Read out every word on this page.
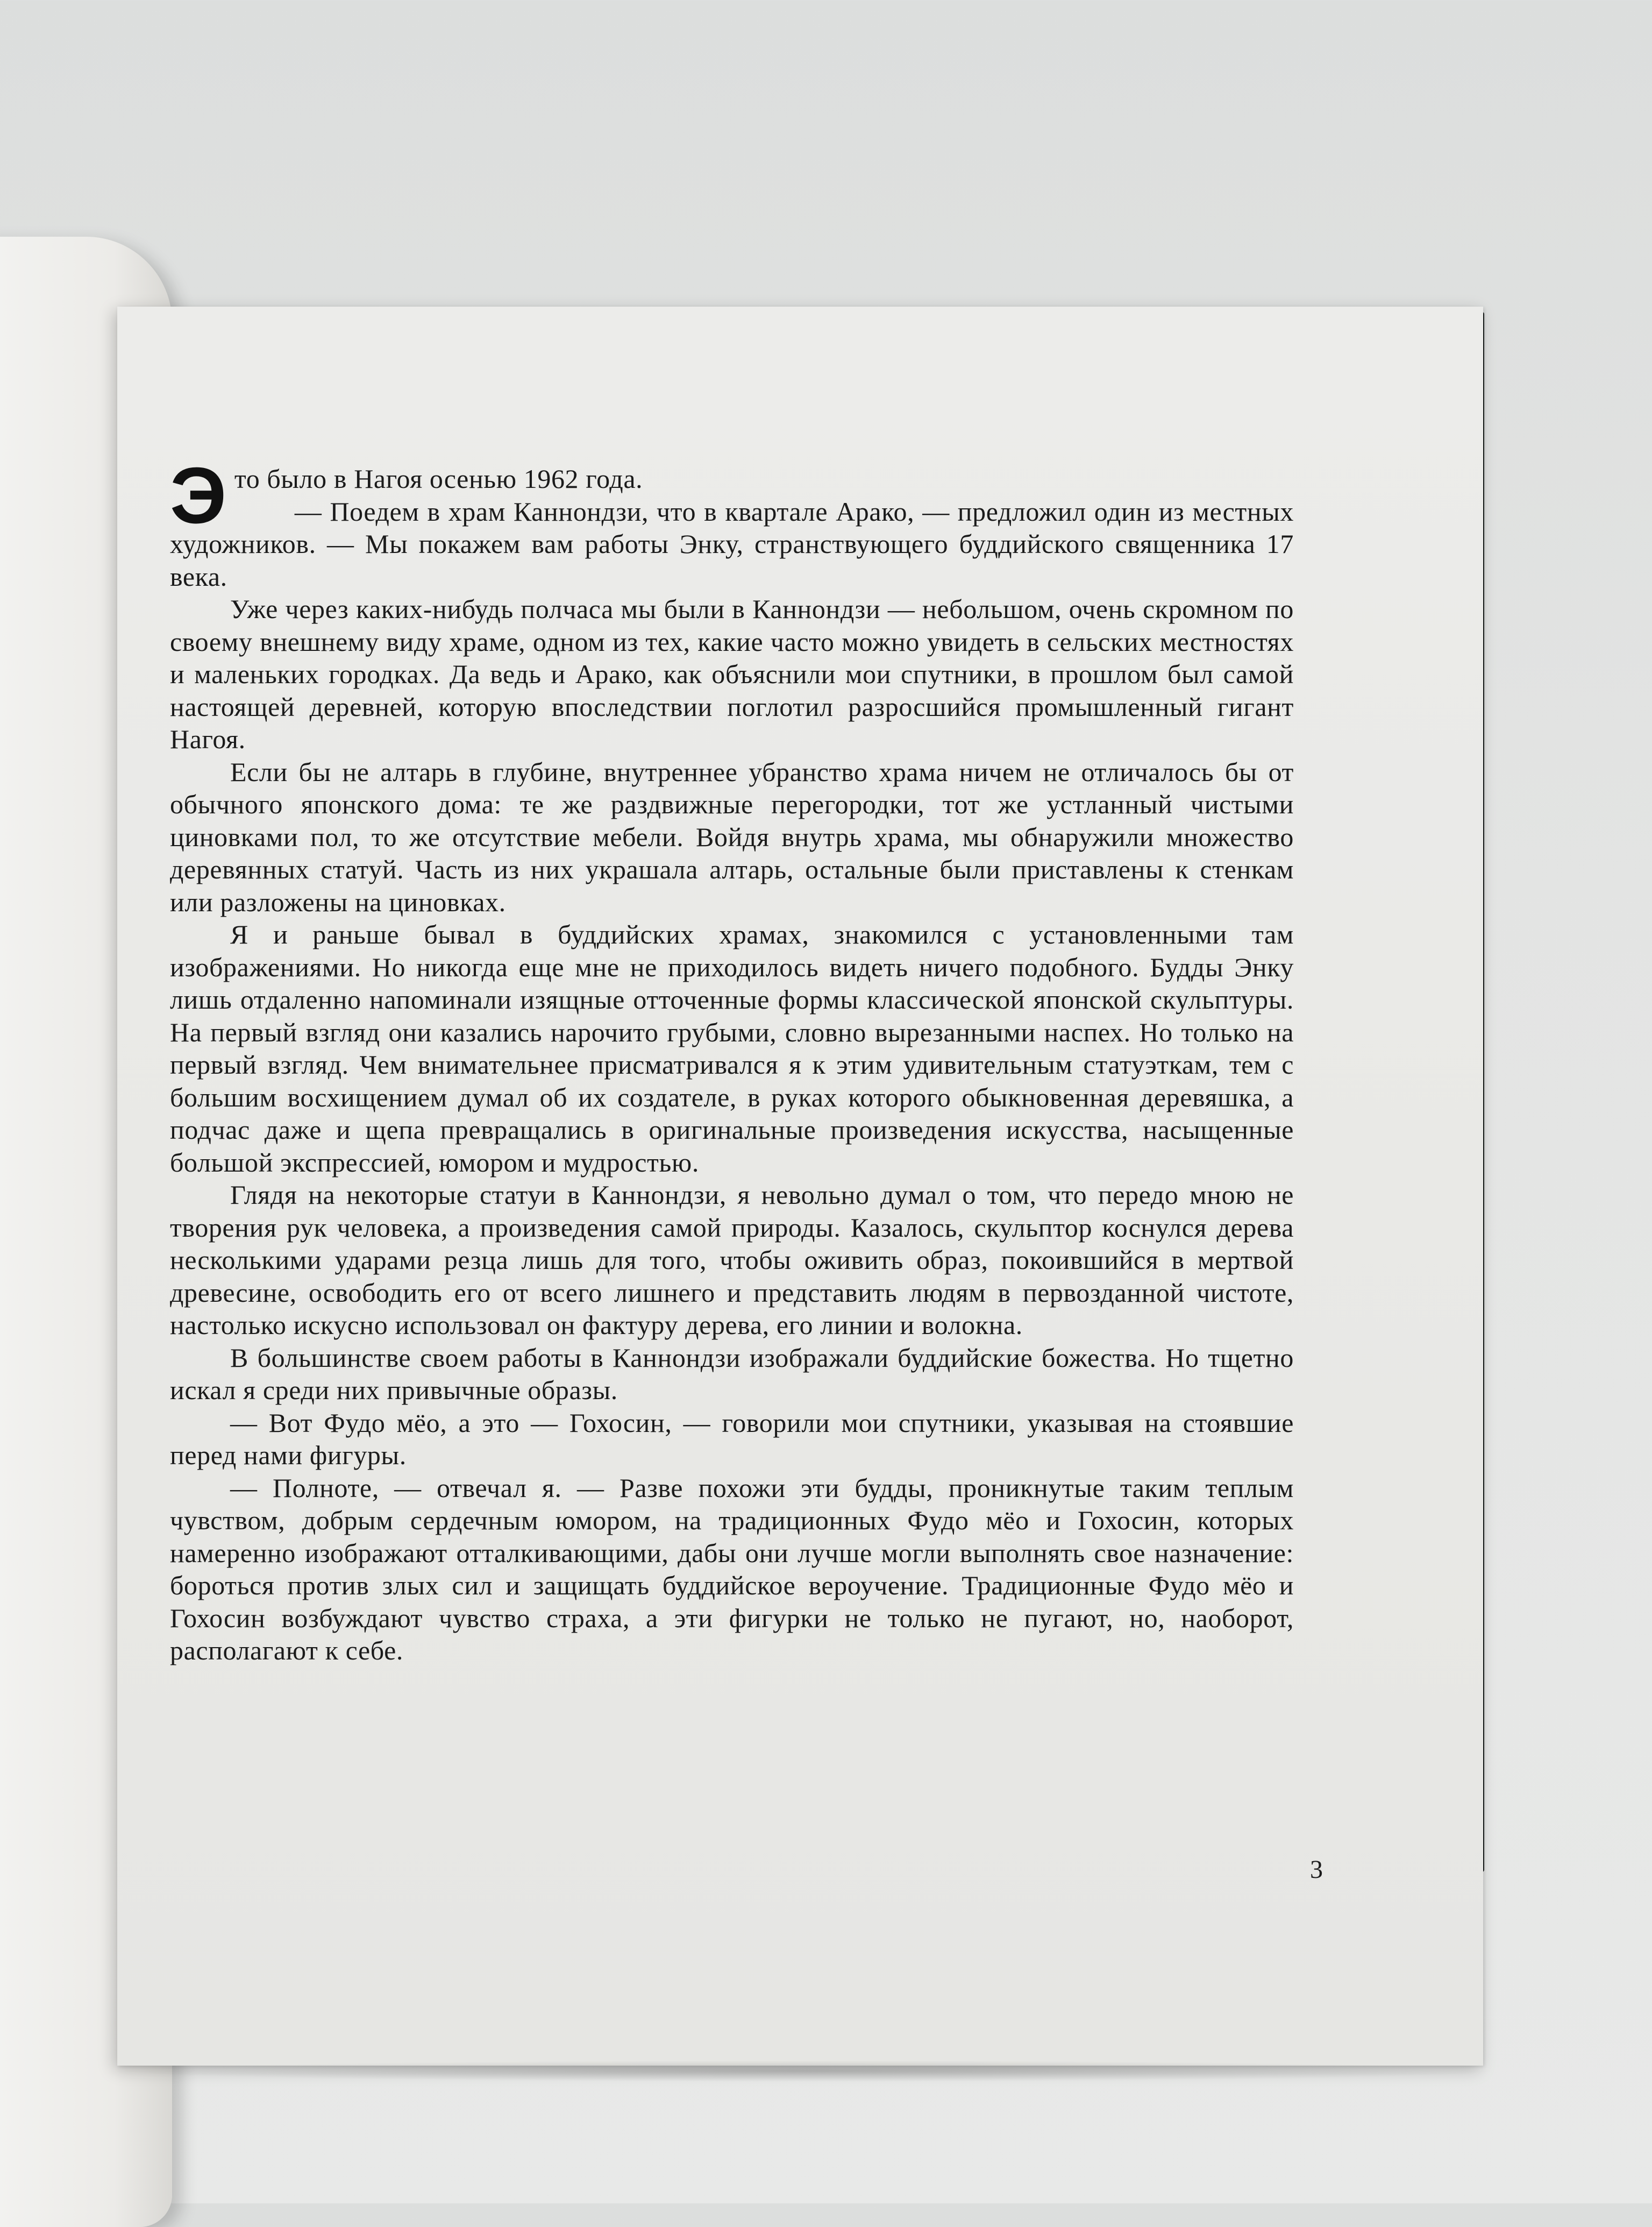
Это было в Нагоя осенью 1962 года.

— Поедем в храм Каннондзи, что в квартале Арако, — предложил один из местных художников. — Мы покажем вам работы Энку, странствующего буддийского священника 17 века.

Уже через каких-нибудь полчаса мы были в Каннондзи — небольшом, очень скромном по своему внешнему виду храме, одном из тех, какие часто можно увидеть в сельских местностях и маленьких городках. Да ведь и Арако, как объяснили мои спутники, в прошлом был самой настоящей деревней, которую впоследствии поглотил разросшийся промышленный гигант Нагоя.

Если бы не алтарь в глубине, внутреннее убранство храма ничем не отличалось бы от обычного японского дома: те же раздвижные перегородки, тот же устланный чистыми циновками пол, то же отсутствие мебели. Войдя внутрь храма, мы обнаружили множество деревянных статуй. Часть из них украшала алтарь, остальные были приставлены к стенкам или разложены на циновках.

Я и раньше бывал в буддийских храмах, знакомился с установленными там изображениями. Но никогда еще мне не приходилось видеть ничего подобного. Будды Энку лишь отдаленно напоминали изящные отточенные формы классической японской скульптуры. На первый взгляд они казались нарочито грубыми, словно вырезанными наспех. Но только на первый взгляд. Чем внимательнее присматривался я к этим удивительным статуэткам, тем с большим восхищением думал об их создателе, в руках которого обыкновенная деревяшка, а подчас даже и щепа превращались в оригинальные произведения искусства, насыщенные большой экспрессией, юмором и мудростью.

Глядя на некоторые статуи в Каннондзи, я невольно думал о том, что передо мною не творения рук человека, а произведения самой природы. Казалось, скульптор коснулся дерева несколькими ударами резца лишь для того, чтобы оживить образ, покоившийся в мертвой древесине, освободить его от всего лишнего и представить людям в первозданной чистоте, настолько искусно использовал он фактуру дерева, его линии и волокна.

В большинстве своем работы в Каннондзи изображали буддийские божества. Но тщетно искал я среди них привычные образы.

— Вот Фудо мёо, а это — Гохосин, — говорили мои спутники, указывая на стоявшие перед нами фигуры.

— Полноте, — отвечал я. — Разве похожи эти будды, проникнутые таким теплым чувством, добрым сердечным юмором, на традиционных Фудо мёо и Гохосин, которых намеренно изображают отталкивающими, дабы они лучше могли выполнять свое назначение: бороться против злых сил и защищать буддийское вероучение. Традиционные Фудо мёо и Гохосин возбуждают чувство страха, а эти фигурки не только не пугают, но, наоборот, располагают к себе.

3
